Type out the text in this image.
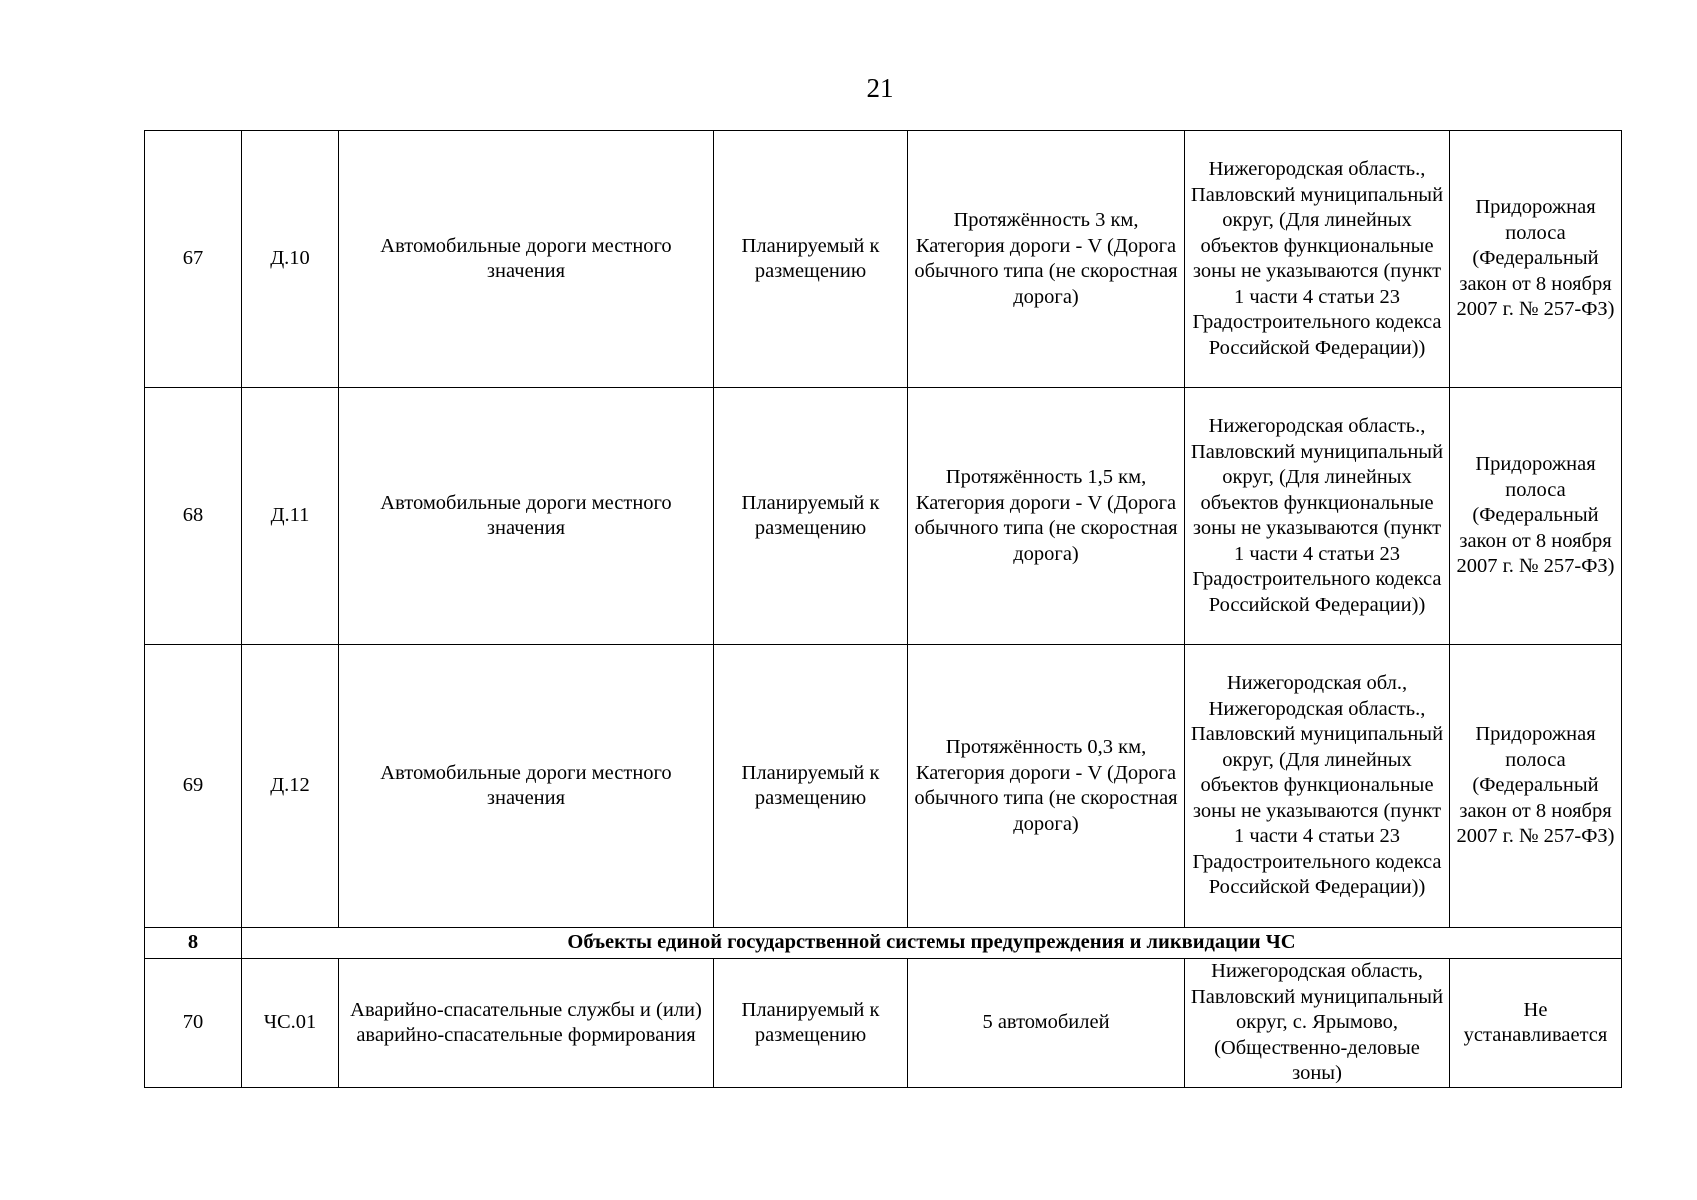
21
67	Д.10	Автомобильные дороги местного значения	Планируемый к размещению	Протяжённость 3 км, Категория дороги - V (Дорога обычного типа (не скоростная дорога)	Нижегородская область., Павловский муниципальный округ, (Для линейных объектов функциональные зоны не указываются (пункт 1 части 4 статьи 23 Градостроительного кодекса Российской Федерации))	Придорожная полоса (Федеральный закон от 8 ноября 2007 г. № 257-ФЗ)
68	Д.11	Автомобильные дороги местного значения	Планируемый к размещению	Протяжённость 1,5 км, Категория дороги - V (Дорога обычного типа (не скоростная дорога)	Нижегородская область., Павловский муниципальный округ, (Для линейных объектов функциональные зоны не указываются (пункт 1 части 4 статьи 23 Градостроительного кодекса Российской Федерации))	Придорожная полоса (Федеральный закон от 8 ноября 2007 г. № 257-ФЗ)
69	Д.12	Автомобильные дороги местного значения	Планируемый к размещению	Протяжённость 0,3 км, Категория дороги - V (Дорога обычного типа (не скоростная дорога)	Нижегородская обл., Нижегородская область., Павловский муниципальный округ, (Для линейных объектов функциональные зоны не указываются (пункт 1 части 4 статьи 23 Градостроительного кодекса Российской Федерации))	Придорожная полоса (Федеральный закон от 8 ноября 2007 г. № 257-ФЗ)
8	Объекты единой государственной системы предупреждения и ликвидации ЧС					
70	ЧС.01	Аварийно-спасательные службы и (или) аварийно-спасательные формирования	Планируемый к размещению	5 автомобилей	Нижегородская область, Павловский муниципальный округ, с. Ярымово, (Общественно-деловые зоны)	Не устанавливается
